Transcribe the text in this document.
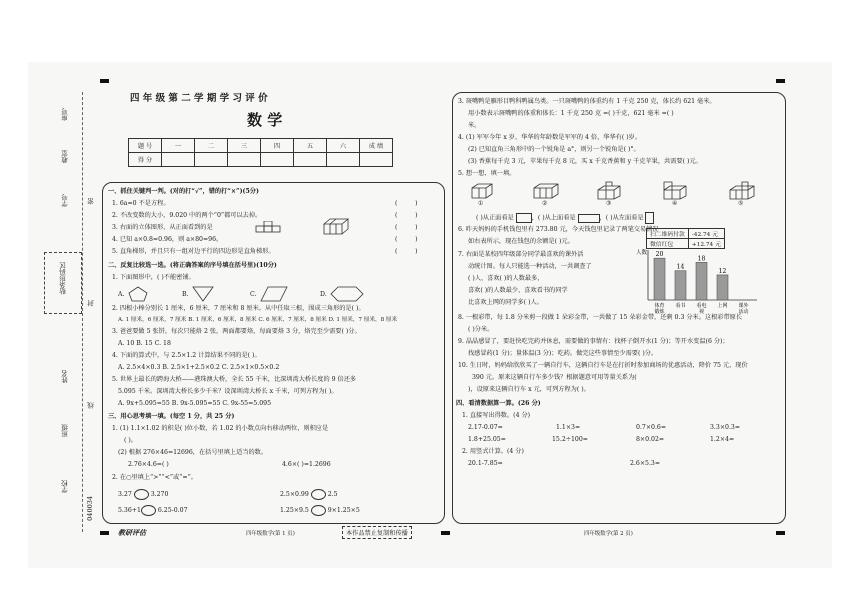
座号
教室
学号
贴条形码区
姓名
班级
学校
密
封
线
040034
四 年 级 第 二 学 期 学 习 评 价
数 学
题 号	一	二	三	四	五	六	成 绩
得 分							
一、抓住关键判一判。(对的打“√”，错的打“×”)(5分)
1. 6a=0 不是方程。
2. 不改变数的大小，9.020 中的两个“0”都可以去掉。
3. 右面的立体图形，从正面看到的是
4. 已知 a×0.8=0.96，则 a×80=96。
5. 直角梯形，并且只有一组对边平行的四边形是直角梯形。
(         )
(         )
(         )
(         )
(         )
二、反复比较选一选。(将正确答案的序号填在括号里)(10分)
1. 下面图形中，( )不能密铺。
A.	B.	C.	D.
2. 四根小棒分别长 1 厘米，6 厘米，7 厘米和 8 厘米。从中任取三根，围成三角形的是( )。
A. 1 厘米，6 厘米，7 厘米 B. 1 厘米，6 厘米，8 厘米 C. 6 厘米，7 厘米，8 厘米 D. 1 厘米，7 厘米，8 厘米
3. 爸爸要做 5 张饼，每次只能烙 2 张，两面都要烙，每面要烙 3 分，烙完至少需要( )分。
A. 10 B. 15 C. 18
4. 下面的算式中，与 2.5×1.2 计算结果不同的是( )。
A. 2.5×4×0.3 B. 2.5×1+2.5×0.2 C. 2.5×1×0.5×0.2
5. 世界上最长的跨海大桥——港珠澳大桥，全长 55 千米，比深圳湾大桥长度的 9 倍还多
5.095 千米。深圳湾大桥长多少千米？设深圳湾大桥长 x 千米，可列方程为( )。
A. 9x+5.095=55 B. 9x-5.095=55 C. 9x-55=5.095
三、用心思考填一填。(每空 1 分，共 25 分)
1. (1) 1.1×1.02 的积是( )位小数，若 1.02 的小数点向右移动两位，则积应是
( )。
(2) 根据 276×46=12696，在括号里填上适当的数。
2.76×4.6=( )	4.6×( )=1.2696
2. 在○里填上“>”“<”或“=”。
3.27	3.270	2.5×0.99	2.5
5.36+1	6.25-0.07	1.25×9.5	9×1.25×5
教研评估	四年级数学(第 1 页)	本作品禁止复制和传播
3. 斑嘴鸭是雁形目鸭科鸭属鸟类。一只斑嘴鸭的体重约有 1 千克 250 克，体长约 621 毫米。
用小数表示斑嘴鸭的体重和体长：1 千克 250 克 =( )千克，621 毫米 =( )
米。
4. (1) 军军今年 x 岁，华华的年龄数是军军的 4 倍，华华有( )岁。
(2) 已知直角三角形中的一个锐角是 a°，则另一个锐角是( )°。
(3) 香蕉每千克 3 元，苹果每千克 8 元，买 x 千克香蕉和 y 千克苹果，共需要( )元。
5. 想一想，填一填。
①	②	③	④	⑤
( )从正面看是	，( )从上面看是	，( )从左面看是
6. 昨天妈妈的手机钱包里有 273.80 元，今天钱包里记录了两笔交易情况
如右表所示，现在钱包的余额是( )元。
扫二维码付款	-42.74 元
微信红包	+12.74 元
7. 右面是某校四年级部分同学最喜欢的课外活
动统计图。每人只能选一种活动，一共调查了
( )人，喜欢( )的人数最多，
喜欢( )的人数最少，喜欢看书的同学
比喜欢上网的同学多( )人。
人数 20
体育
锻炼
14
看书
18
看电
视
12
上网 课外
活动
8. 一根彩带，每 1.8 分米剪一段做 1 朵彩金带，一共做了 15 朵彩金带，还剩 0.3 分米。这根彩带原长
( )分米。
9. 晶晶感冒了，要赶快吃完药并休息，需要做的事情有：找杯子倒开水(1 分)；等开水变温(6 分)；
找感冒药(1 分)；量体温(3 分)；吃药。做完这些事情至少需要( )分。
10. 生日时，妈妈给欣欣买了一辆自行车，这辆自行车是在打折时参加商场的优惠活动，降价 75 元，现价
390 元。原来这辆自行车多少钱？根据题意可用等量关系为(
)，设原来这辆自行车 x 元，可列方程为( )。
四、看清数据算一算。(26 分)
1. 直接写出得数。(4 分)
2.17-0.07=	1.1×3=	0.7×0.6=	3.3×0.3=
1.8+25.05=	15.2÷100=	8×0.02=	1.2×4=
2. 用竖式计算。(4 分)
20.1-7.85=	2.6×5.3=
四年级数学(第 2 页)
